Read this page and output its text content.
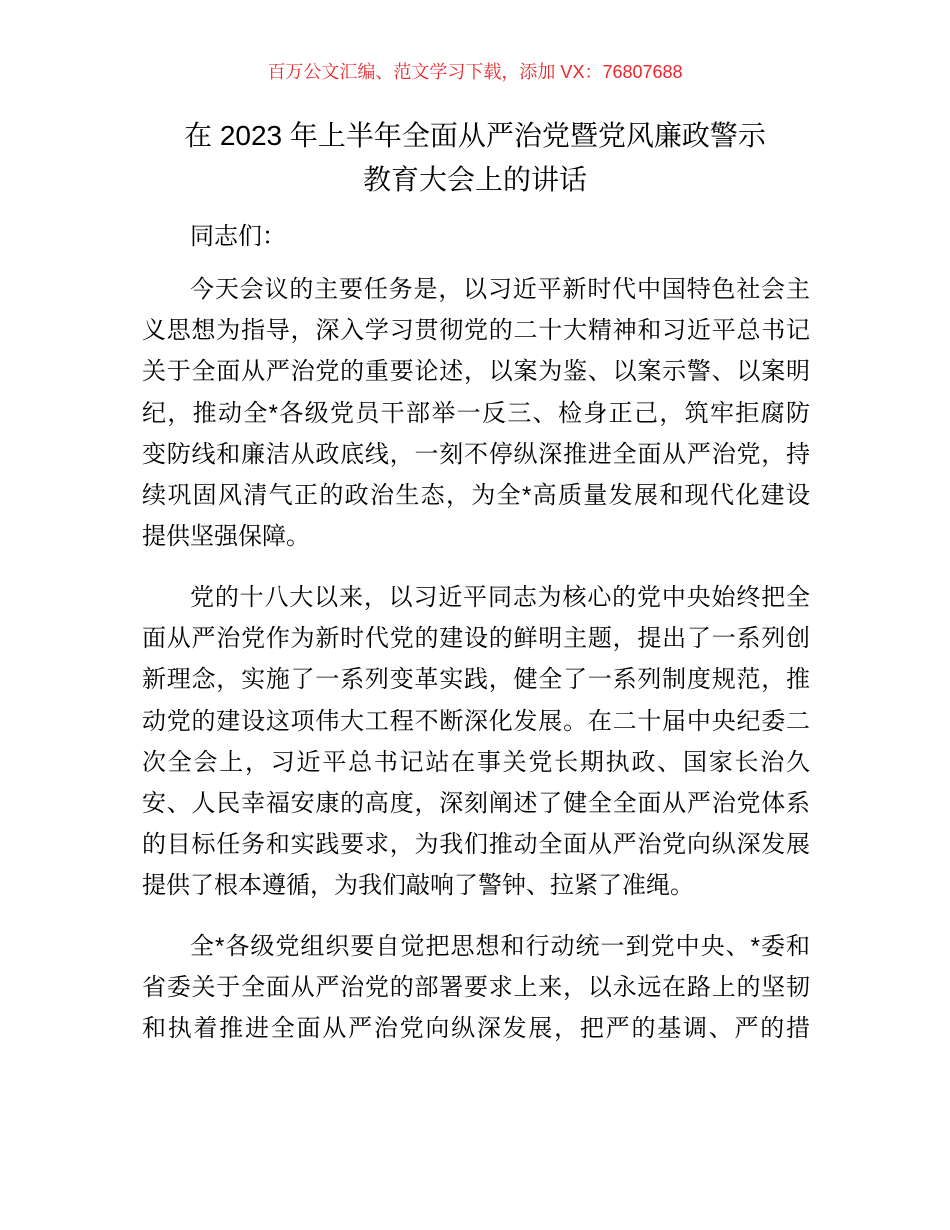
百万公文汇编、范文学习下载，添加 VX：76807688
在 2023 年上半年全面从严治党暨党风廉政警示
教育大会上的讲话
同志们：
今天会议的主要任务是，以习近平新时代中国特色社会主
义思想为指导，深入学习贯彻党的二十大精神和习近平总书记
关于全面从严治党的重要论述，以案为鉴、以案示警、以案明
纪，推动全*各级党员干部举一反三、检身正己，筑牢拒腐防
变防线和廉洁从政底线，一刻不停纵深推进全面从严治党，持
续巩固风清气正的政治生态，为全*高质量发展和现代化建设
提供坚强保障。
党的十八大以来，以习近平同志为核心的党中央始终把全
面从严治党作为新时代党的建设的鲜明主题，提出了一系列创
新理念，实施了一系列变革实践，健全了一系列制度规范，推
动党的建设这项伟大工程不断深化发展。在二十届中央纪委二
次全会上，习近平总书记站在事关党长期执政、国家长治久
安、人民幸福安康的高度，深刻阐述了健全全面从严治党体系
的目标任务和实践要求，为我们推动全面从严治党向纵深发展
提供了根本遵循，为我们敲响了警钟、拉紧了准绳。
全*各级党组织要自觉把思想和行动统一到党中央、*委和
省委关于全面从严治党的部署要求上来，以永远在路上的坚韧
和执着推进全面从严治党向纵深发展，把严的基调、严的措
